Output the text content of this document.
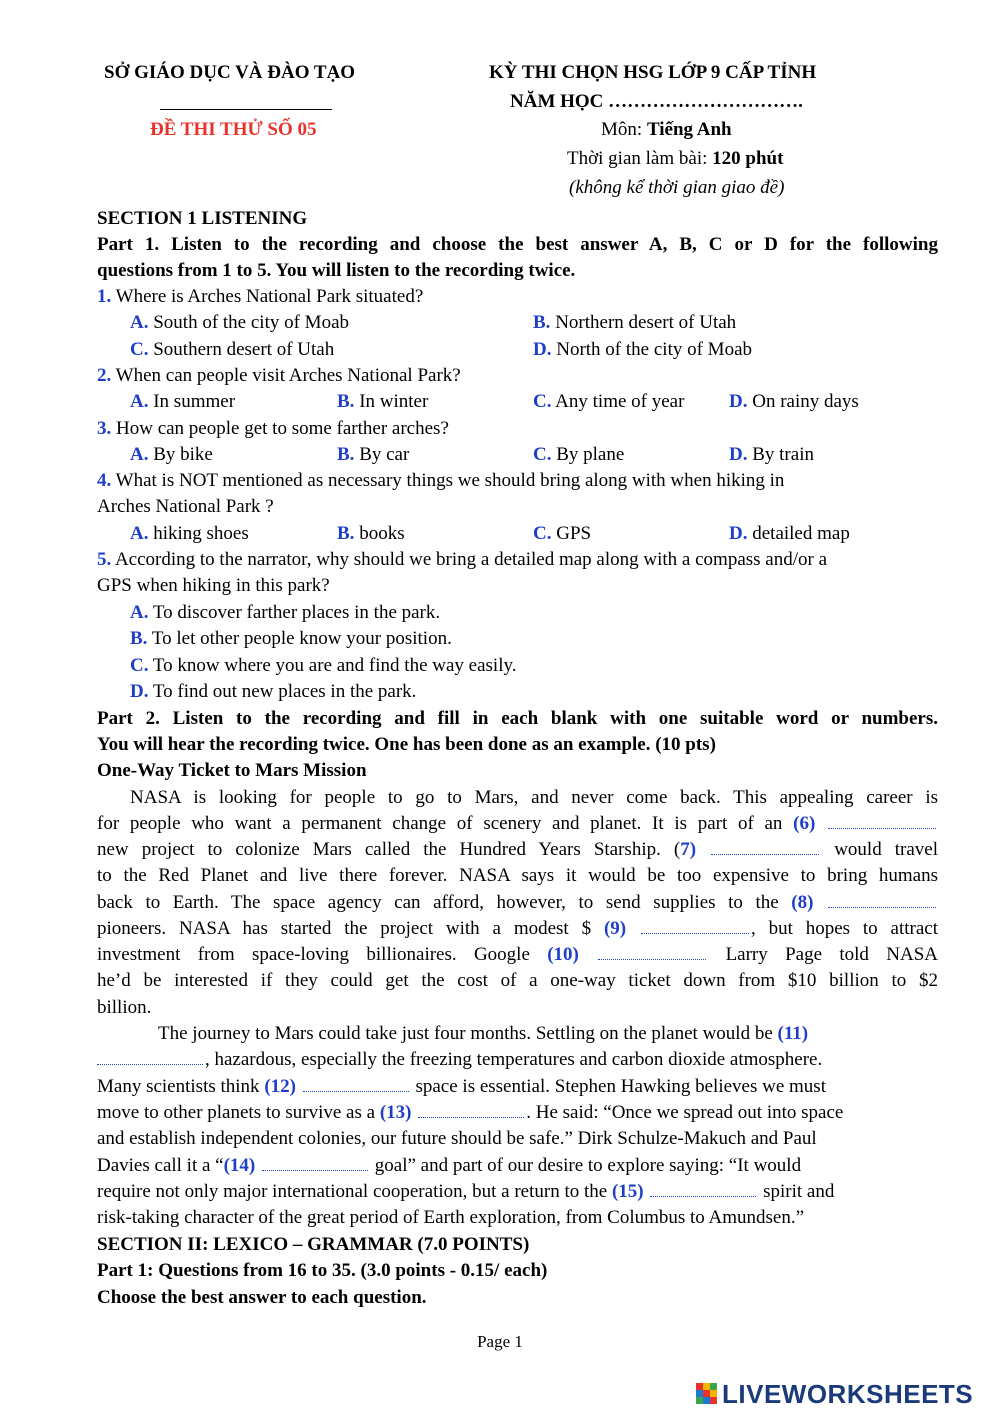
SỞ GIÁO DỤC VÀ ĐÀO TẠO
ĐỀ THI THỬ SỐ 05
KỲ THI CHỌN HSG LỚP 9 CẤP TỈNH
NĂM HỌC ………………………….
Môn: Tiếng Anh
Thời gian làm bài: 120 phút
(không kể thời gian giao đề)
SECTION 1 LISTENING
Part 1. Listen to the recording and choose the best answer A, B, C or D for the following
questions from 1 to 5. You will listen to the recording twice.
1. Where is Arches National Park situated?
A. South of the city of Moab	B. Northern desert of Utah
C. Southern desert of Utah	D. North of the city of Moab
2. When can people visit Arches National Park?
A. In summer	B. In winter	C. Any time of year D. On rainy days
3. How can people get to some farther arches?
A. By bike	B. By car	C. By plane	D. By train
4. What is NOT mentioned as necessary things we should bring along with when hiking in
Arches National Park ?
A. hiking shoes	B. books	C. GPS	D. detailed map
5. According to the narrator, why should we bring a detailed map along with a compass and/or a
GPS when hiking in this park?
A. To discover farther places in the park.
B. To let other people know your position.
C. To know where you are and find the way easily.
D. To find out new places in the park.
Part 2. Listen to the recording and fill in each blank with one suitable word or numbers.
You will hear the recording twice. One has been done as an example. (10 pts)
One-Way Ticket to Mars Mission
NASA is looking for people to go to Mars, and never come back. This appealing career is
for people who want a permanent change of scenery and planet. It is part of an (6)
new project to colonize Mars called the Hundred Years Starship. (7)	would travel
to the Red Planet and live there forever. NASA says it would be too expensive to bring humans
back to Earth. The space agency can afford, however, to send supplies to the (8)
pioneers. NASA has started the project with a modest $ (9)	, but hopes to attract
investment from space-loving billionaires. Google (10)	Larry Page told NASA
he’d be interested if they could get the cost of a one-way ticket down from $10 billion to $2
billion.
The journey to Mars could take just four months. Settling on the planet would be (11)
, hazardous, especially the freezing temperatures and carbon dioxide atmosphere.
Many scientists think (12)	space is essential. Stephen Hawking believes we must
move to other planets to survive as a (13)	. He said: “Once we spread out into space
and establish independent colonies, our future should be safe.” Dirk Schulze-Makuch and Paul
Davies call it a “(14)	goal” and part of our desire to explore saying: “It would
require not only major international cooperation, but a return to the (15)	spirit and
risk-taking character of the great period of Earth exploration, from Columbus to Amundsen.”
SECTION II: LEXICO – GRAMMAR (7.0 POINTS)
Part 1: Questions from 16 to 35. (3.0 points - 0.15/ each)
Choose the best answer to each question.
Page 1
LIVEWORKSHEETS
